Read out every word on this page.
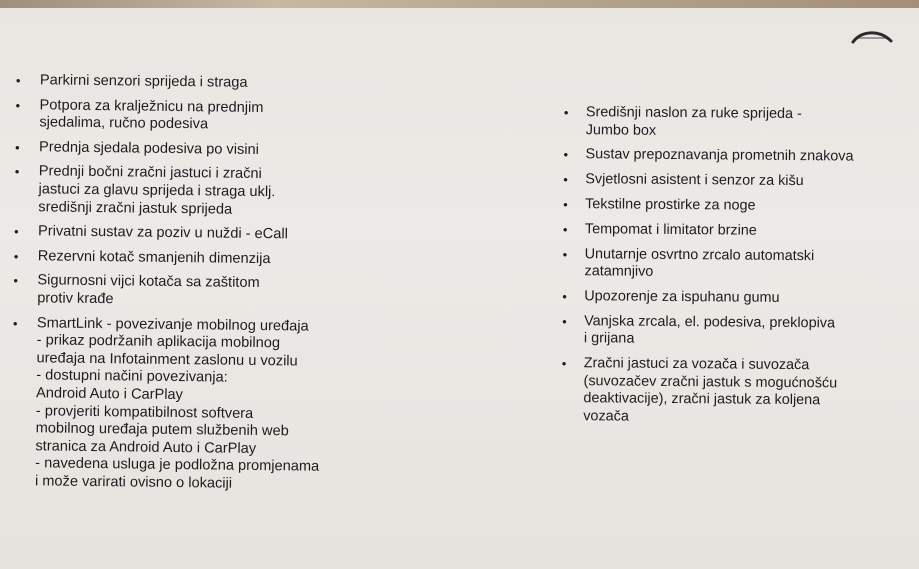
• Parkirni senzori sprijeda i straga
• Potpora za kralježnicu na prednjim
sjedalima, ručno podesiva
• Prednja sjedala podesiva po visini
• Prednji bočni zračni jastuci i zračni
jastuci za glavu sprijeda i straga uklj.
središnji zračni jastuk sprijeda
• Privatni sustav za poziv u nuždi - eCall
• Rezervni kotač smanjenih dimenzija
• Sigurnosni vijci kotača sa zaštitom
protiv krađe
• SmartLink - povezivanje mobilnog uređaja
- prikaz podržanih aplikacija mobilnog
uređaja na Infotainment zaslonu u vozilu
- dostupni načini povezivanja:
Android Auto i CarPlay
- provjeriti kompatibilnost softvera
mobilnog uređaja putem službenih web
stranica za Android Auto i CarPlay
- navedena usluga je podložna promjenama
i može varirati ovisno o lokaciji
• Središnji naslon za ruke sprijeda -
Jumbo box
• Sustav prepoznavanja prometnih znakova
• Svjetlosni asistent i senzor za kišu
• Tekstilne prostirke za noge
• Tempomat i limitator brzine
• Unutarnje osvrtno zrcalo automatski
zatamnjivo
• Upozorenje za ispuhanu gumu
• Vanjska zrcala, el. podesiva, preklopiva
i grijana
• Zračni jastuci za vozača i suvozača
(suvozačev zračni jastuk s mogućnošću
deaktivacije), zračni jastuk za koljena
vozača
